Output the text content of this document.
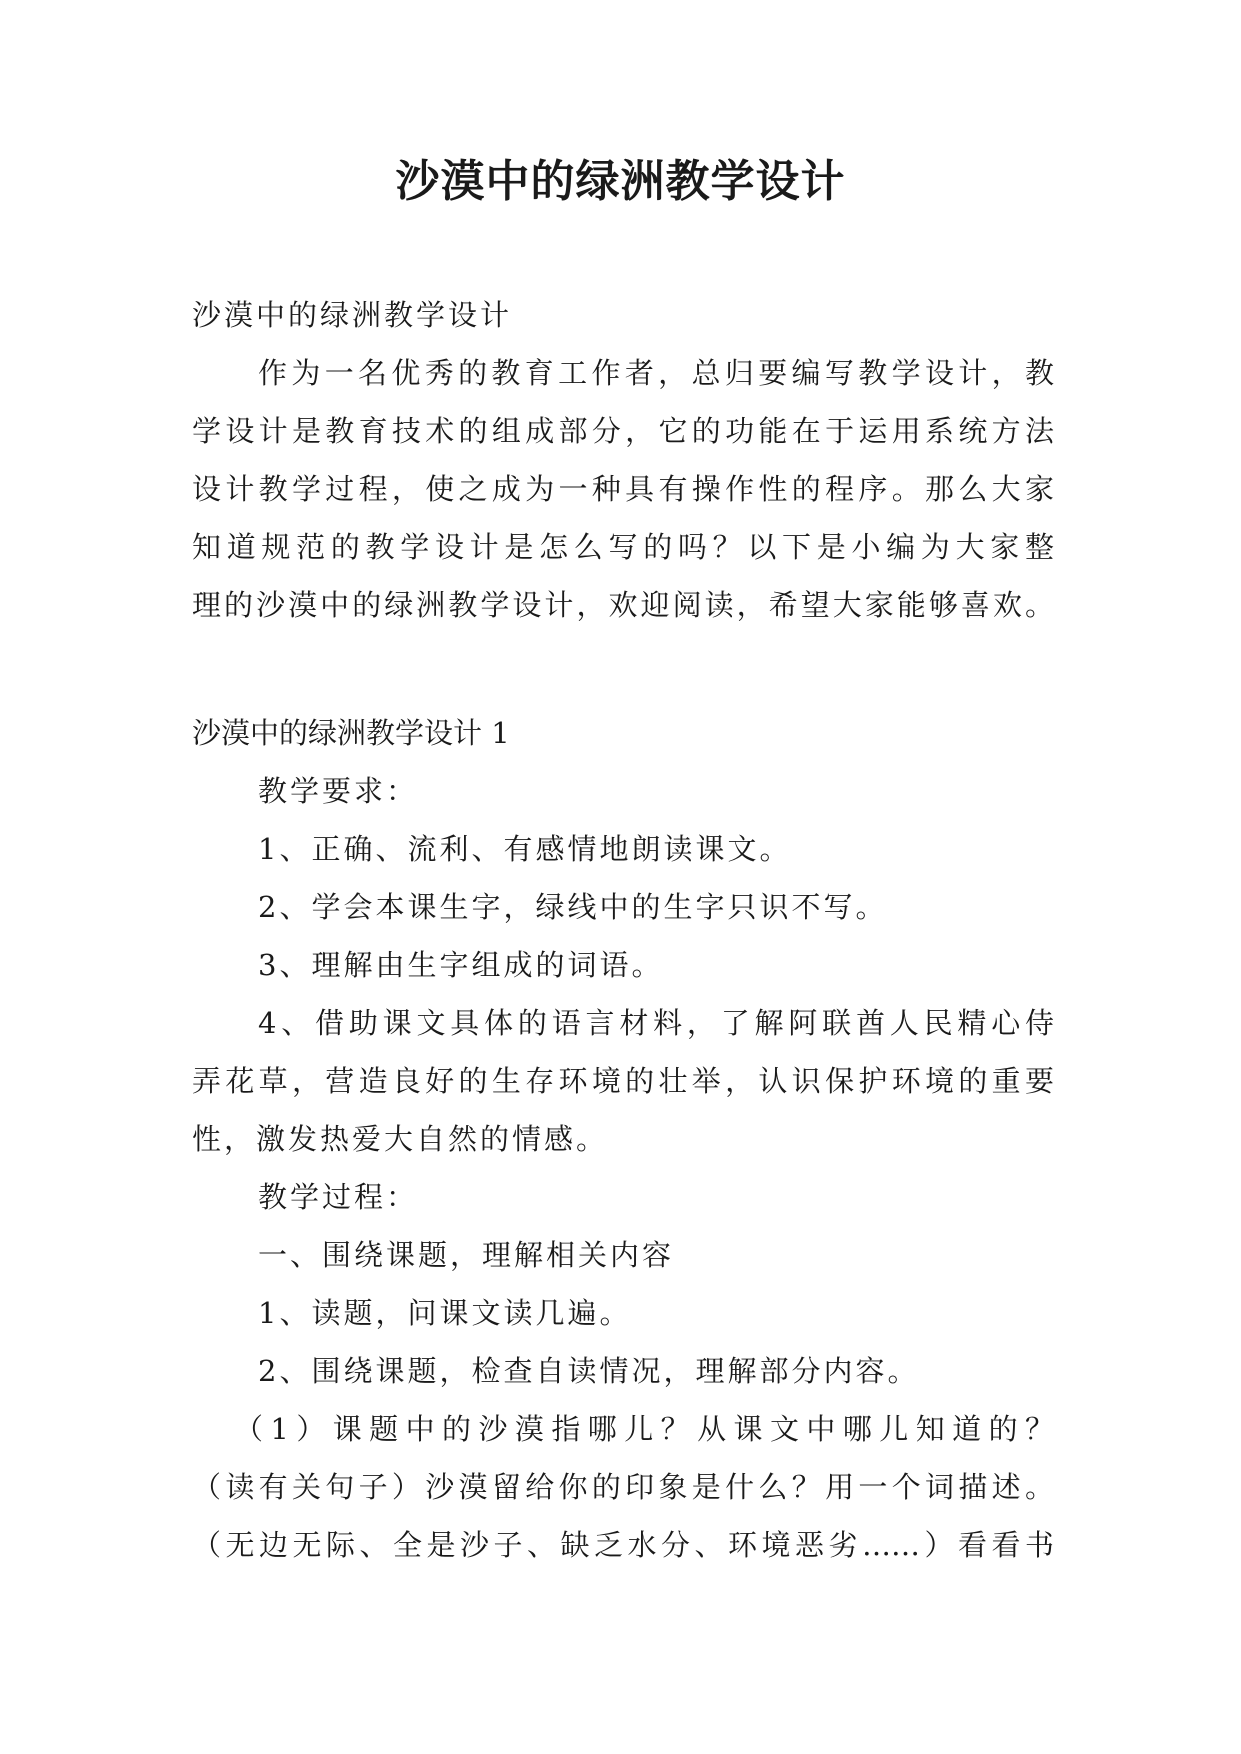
沙漠中的绿洲教学设计

沙漠中的绿洲教学设计

作为一名优秀的教育工作者，总归要编写教学设计，教

学设计是教育技术的组成部分，它的功能在于运用系统方法

设计教学过程，使之成为一种具有操作性的程序。那么大家

知道规范的教学设计是怎么写的吗？以下是小编为大家整

理的沙漠中的绿洲教学设计，欢迎阅读，希望大家能够喜欢。

沙漠中的绿洲教学设计 1

教学要求：

1、正确、流利、有感情地朗读课文。

2、学会本课生字，绿线中的生字只识不写。

3、理解由生字组成的词语。

4、借助课文具体的语言材料，了解阿联酋人民精心侍

弄花草，营造良好的生存环境的壮举，认识保护环境的重要

性，激发热爱大自然的情感。

教学过程：

一、围绕课题，理解相关内容

1、读题，问课文读几遍。

2、围绕课题，检查自读情况，理解部分内容。

（1）课题中的沙漠指哪儿？从课文中哪儿知道的？

（读有关句子）沙漠留给你的印象是什么？用一个词描述。

（无边无际、全是沙子、缺乏水分、环境恶劣……）看看书
